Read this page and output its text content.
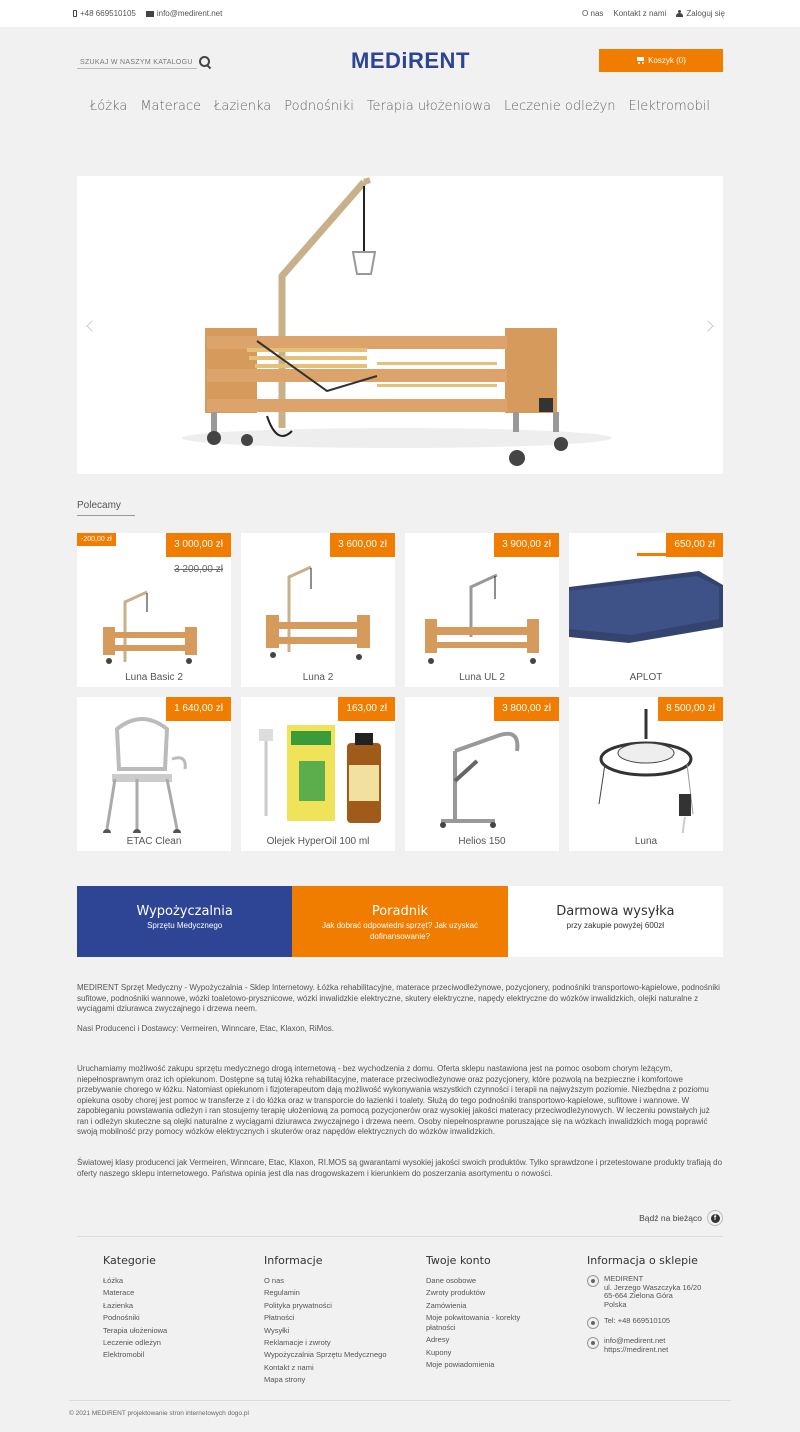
+48 669510105	info@medirent.net	O nas Kontakt z nami	Zaloguj się
SZUKAJ W NASZYM KATALOGU
MEDiRENT	Koszyk (0)
Łóżka Materace Łazienka Podnośniki Terapia ułożeniowa Leczenie odleżyn Elektromobil
Polecamy
-200,00 zł	3 000,00 zł
3 200,00 zł
Luna Basic 2
3 600,00 zł
Luna 2
3 900,00 zł
Luna UL 2
650,00 zł
APLOT
1 640,00 zł
ETAC Clean
163,00 zł
Olejek HyperOil 100 ml
3 800,00 zł
Helios 150
8 500,00 zł
Luna
Wypożyczalnia
Sprzętu Medycznego
Poradnik
Jak dobrać odpowiedni sprzęt? Jak uzyskać dofinansowanie?
Darmowa wysyłka
przy zakupie powyżej 600zł

MEDIRENT Sprzęt Medyczny - Wypożyczalnia - Sklep Internetowy. Łóżka rehabilitacyjne, materace przeciwodleżynowe, pozycjonery, podnośniki transportowo-kąpielowe, podnośniki sufitowe, podnośniki wannowe, wózki toaletowo-prysznicowe, wózki inwalidzkie elektryczne, skutery elektryczne, napędy elektryczne do wózków inwalidzkich, olejki naturalne z wyciągami dziurawca zwyczajnego i drzewa neem.

Nasi Producenci i Dostawcy: Vermeiren, Winncare, Etac, Klaxon, RiMos.

Uruchamiamy możliwość zakupu sprzętu medycznego drogą internetową - bez wychodzenia z domu. Oferta sklepu nastawiona jest na pomoc osobom chorym leżącym, niepełnosprawnym oraz ich opiekunom. Dostępne są tutaj łóżka rehabilitacyjne, materace przeciwodleżynowe oraz pozycjonery, które pozwolą na bezpieczne i komfortowe przebywanie chorego w łóżku. Natomiast opiekunom i fizjoterapeutom dają możliwość wykonywania wszystkich czynności i terapii na najwyższym poziomie. Niezbędna z poziomu opiekuna osoby chorej jest pomoc w transferze z i do łóżka oraz w transporcie do łazienki i toalety. Służą do tego podnośniki transportowo-kąpielowe, sufitowe i wannowe. W zapobieganiu powstawania odleżyn i ran stosujemy terapię ułożeniową za pomocą pozycjonerów oraz wysokiej jakości materacy przeciwodleżynowych. W leczeniu powstałych już ran i odleżyn skuteczne są olejki naturalne z wyciągami dziurawca zwyczajnego i drzewa neem. Osoby niepełnosprawne poruszające się na wózkach inwalidzkich mogą poprawić swoją mobilność przy pomocy wózków elektrycznych i skuterów oraz napędów elektrycznych do wózków inwalidzkich.

Światowej klasy producenci jak Vermeiren, Winncare, Etac, Klaxon, RI.MOS są gwarantami wysokiej jakości swoich produktów. Tylko sprawdzone i przetestowane produkty trafiają do oferty naszego sklepu internetowego. Państwa opinia jest dla nas drogowskazem i kierunkiem do poszerzania asortymentu o nowości.

Bądź na bieżąco	f
Kategorie
Łóżka
Materace
Łazienka
Podnośniki
Terapia ułożeniowa
Leczenie odleżyn
Elektromobil
Informacje
O nas
Regulamin
Polityka prywatności
Płatności
Wysyłki
Reklamacje i zwroty
Wypożyczalnia Sprzętu Medycznego
Kontakt z nami
Mapa strony
Twoje konto
Dane osobowe
Zwroty produktów
Zamówienia
Moje pokwitowania - korekty płatności
Adresy
Kupony
Moje powiadomienia
Informacja o sklepie
MEDIRENT
ul. Jerzego Waszczyka 16/20
65-664 Zielona Góra
Polska
Tel: +48 669510105
info@medirent.net
https://medirent.net
© 2021 MEDIRENT projektowanie stron internetowych dogo.pl
